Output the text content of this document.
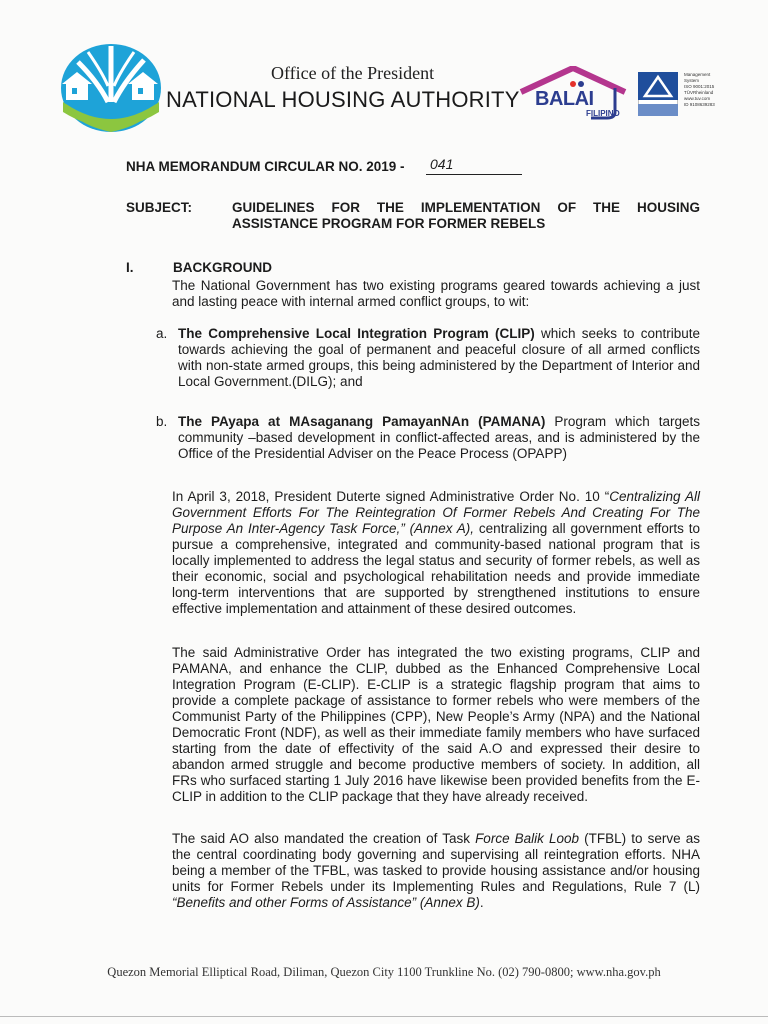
Office of the President
NATIONAL HOUSING AUTHORITY BALAI
FILIPINO
Management
System
ISO 9001:2015
TÜVRheinland
www.tuv.com
ID 9108639283
NHA MEMORANDUM CIRCULAR NO. 2019 - 041
SUBJECT:	GUIDELINES FOR THE IMPLEMENTATION OF THE HOUSING
ASSISTANCE PROGRAM FOR FORMER REBELS
I.	BACKGROUND

The National Government has two existing programs geared towards achieving a just and lasting peace with internal armed conflict groups, to wit:

a. The Comprehensive Local Integration Program (CLIP) which seeks to contribute towards achieving the goal of permanent and peaceful closure of all armed conflicts with non-state armed groups, this being administered by the Department of Interior and Local Government.(DILG); and
b. The PAyapa at MAsaganang PamayanNAn (PAMANA) Program which targets community –based development in conflict-affected areas, and is administered by the Office of the Presidential Adviser on the Peace Process (OPAPP)

In April 3, 2018, President Duterte signed Administrative Order No. 10 “Centralizing All Government Efforts For The Reintegration Of Former Rebels And Creating For The Purpose An Inter-Agency Task Force,” (Annex A), centralizing all government efforts to pursue a comprehensive, integrated and community-based national program that is locally implemented to address the legal status and security of former rebels, as well as their economic, social and psychological rehabilitation needs and provide immediate long-term interventions that are supported by strengthened institutions to ensure effective implementation and attainment of these desired outcomes.

The said Administrative Order has integrated the two existing programs, CLIP and PAMANA, and enhance the CLIP, dubbed as the Enhanced Comprehensive Local Integration Program (E-CLIP). E-CLIP is a strategic flagship program that aims to provide a complete package of assistance to former rebels who were members of the Communist Party of the Philippines (CPP), New People’s Army (NPA) and the National Democratic Front (NDF), as well as their immediate family members who have surfaced starting from the date of effectivity of the said A.O and expressed their desire to abandon armed struggle and become productive members of society. In addition, all FRs who surfaced starting 1 July 2016 have likewise been provided benefits from the E-CLIP in addition to the CLIP package that they have already received.

The said AO also mandated the creation of Task Force Balik Loob (TFBL) to serve as the central coordinating body governing and supervising all reintegration efforts. NHA being a member of the TFBL, was tasked to provide housing assistance and/or housing units for Former Rebels under its Implementing Rules and Regulations, Rule 7 (L) “Benefits and other Forms of Assistance” (Annex B).

Quezon Memorial Elliptical Road, Diliman, Quezon City 1100 Trunkline No. (02) 790-0800; www.nha.gov.ph
